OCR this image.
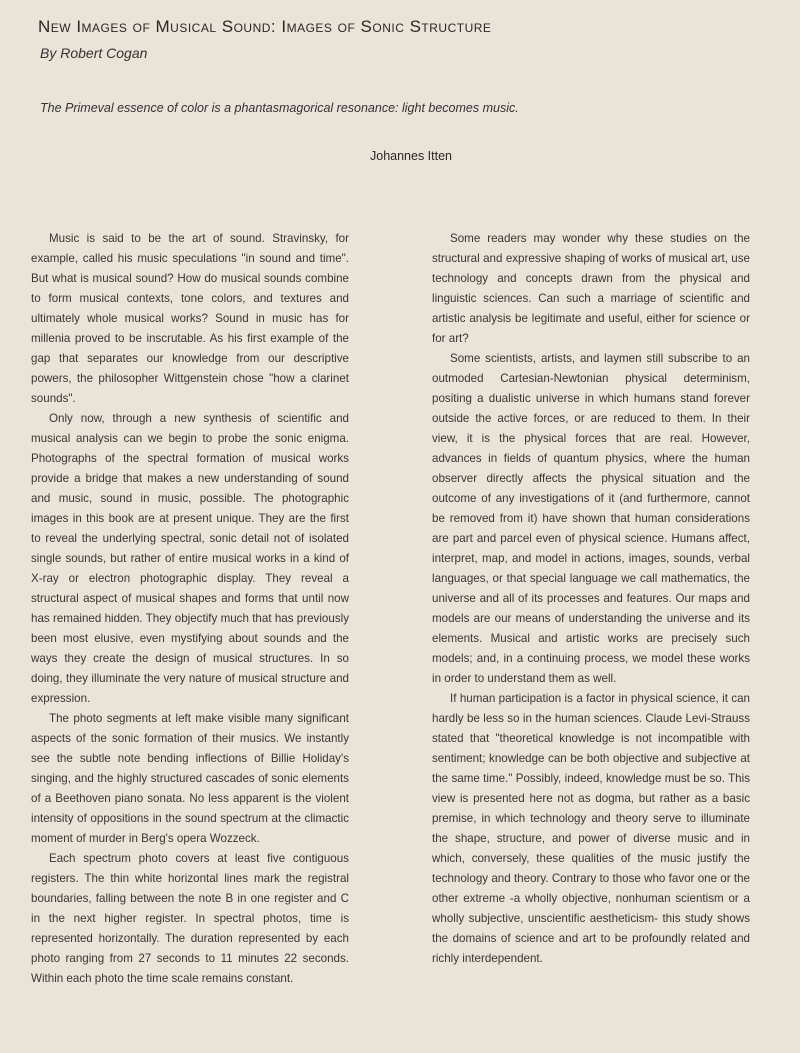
New Images of Musical Sound: Images of Sonic Structure
By Robert Cogan
The Primeval essence of color is a phantasmagorical resonance: light becomes music.
Johannes Itten

Music is said to be the art of sound. Stravinsky, for example, called his music speculations "in sound and time". But what is musical sound? How do musical sounds combine to form musical contexts, tone colors, and textures and ultimately whole musical works? Sound in music has for millenia proved to be inscrutable. As his first example of the gap that separates our knowledge from our descriptive powers, the philosopher Wittgenstein chose "how a clarinet sounds".

Only now, through a new synthesis of scientific and musical analysis can we begin to probe the sonic enigma. Photographs of the spectral formation of musical works provide a bridge that makes a new understanding of sound and music, sound in music, possible. The photographic images in this book are at present unique. They are the first to reveal the underlying spectral, sonic detail not of isolated single sounds, but rather of entire musical works in a kind of X-ray or electron photographic display. They reveal a structural aspect of musical shapes and forms that until now has remained hidden. They objectify much that has previously been most elusive, even mystifying about sounds and the ways they create the design of musical structures. In so doing, they illuminate the very nature of musical structure and expression.

The photo segments at left make visible many significant aspects of the sonic formation of their musics. We instantly see the subtle note bending inflections of Billie Holiday's singing, and the highly structured cascades of sonic elements of a Beethoven piano sonata. No less apparent is the violent intensity of oppositions in the sound spectrum at the climactic moment of murder in Berg's opera Wozzeck.

Each spectrum photo covers at least five contiguous registers. The thin white horizontal lines mark the registral boundaries, falling between the note B in one register and C in the next higher register. In spectral photos, time is represented horizontally. The duration represented by each photo ranging from 27 seconds to 11 minutes 22 seconds. Within each photo the time scale remains constant.

Some readers may wonder why these studies on the structural and expressive shaping of works of musical art, use technology and concepts drawn from the physical and linguistic sciences. Can such a marriage of scientific and artistic analysis be legitimate and useful, either for science or for art?

Some scientists, artists, and laymen still subscribe to an outmoded Cartesian-Newtonian physical determinism, positing a dualistic universe in which humans stand forever outside the active forces, or are reduced to them. In their view, it is the physical forces that are real. However, advances in fields of quantum physics, where the human observer directly affects the physical situation and the outcome of any investigations of it (and furthermore, cannot be removed from it) have shown that human considerations are part and parcel even of physical science. Humans affect, interpret, map, and model in actions, images, sounds, verbal languages, or that special language we call mathematics, the universe and all of its processes and features. Our maps and models are our means of understanding the universe and its elements. Musical and artistic works are precisely such models; and, in a continuing process, we model these works in order to understand them as well.

If human participation is a factor in physical science, it can hardly be less so in the human sciences. Claude Levi-Strauss stated that "theoretical knowledge is not incompatible with sentiment; knowledge can be both objective and subjective at the same time." Possibly, indeed, knowledge must be so. This view is presented here not as dogma, but rather as a basic premise, in which technology and theory serve to illuminate the shape, structure, and power of diverse music and in which, conversely, these qualities of the music justify the technology and theory. Contrary to those who favor one or the other extreme -a wholly objective, nonhuman scientism or a wholly subjective, unscientific aestheticism- this study shows the domains of science and art to be profoundly related and richly interdependent.
